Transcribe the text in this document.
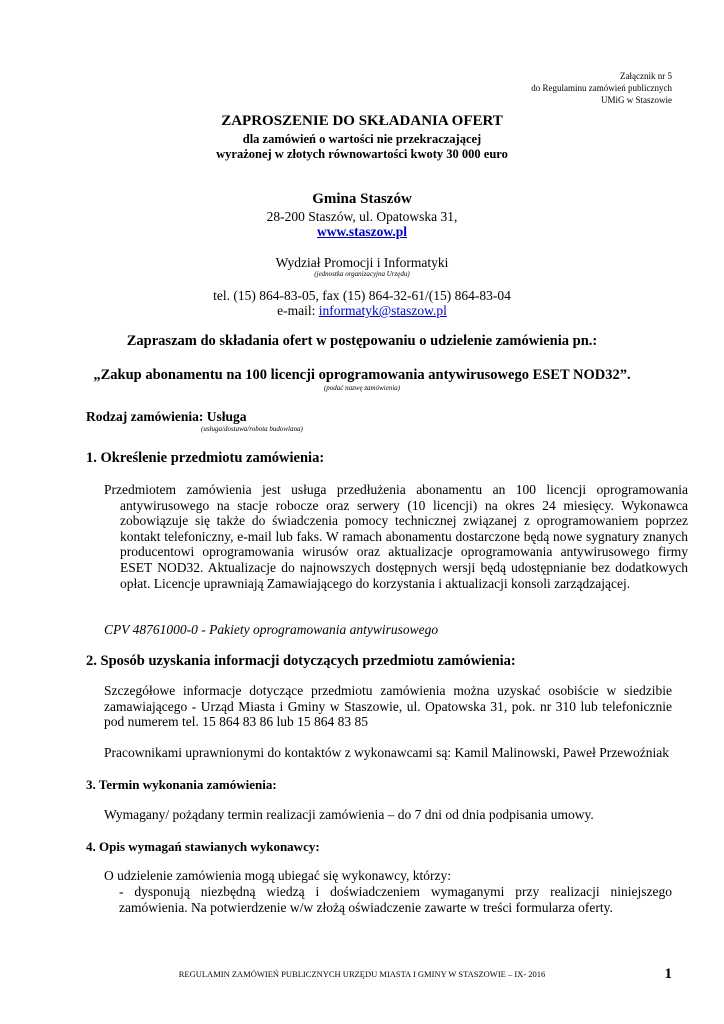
Załącznik nr 5
do Regulaminu zamówień publicznych
UMiG w Staszowie
ZAPROSZENIE DO SKŁADANIA OFERT
dla zamówień o wartości nie przekraczającej
wyrażonej w złotych równowartości kwoty 30 000 euro
Gmina Staszów
28-200 Staszów, ul. Opatowska 31,
www.staszow.pl
Wydział Promocji i Informatyki
(jednostka organizacyjna Urzędu)
tel. (15) 864-83-05, fax (15) 864-32-61/(15) 864-83-04
e-mail: informatyk@staszow.pl
Zapraszam do składania ofert w postępowaniu o udzielenie zamówienia pn.:
„Zakup abonamentu na 100 licencji oprogramowania antywirusowego ESET NOD32”.
(podać nazwę zamówienia)
Rodzaj zamówienia: Usługa
(usługa/dostawa/robota budowlana)
1. Określenie przedmiotu zamówienia:
Przedmiotem zamówienia jest usługa przedłużenia abonamentu an 100 licencji oprogramowania antywirusowego na stacje robocze oraz serwery (10 licencji) na okres 24 miesięcy. Wykonawca zobowiązuje się także do świadczenia pomocy technicznej związanej z oprogramowaniem poprzez kontakt telefoniczny, e-mail lub faks. W ramach abonamentu dostarczone będą nowe sygnatury znanych producentowi oprogramowania wirusów oraz aktualizacje oprogramowania antywirusowego firmy ESET NOD32. Aktualizacje do najnowszych dostępnych wersji będą udostępnianie bez dodatkowych opłat. Licencje uprawniają Zamawiającego do korzystania i aktualizacji konsoli zarządzającej.
CPV 48761000-0 - Pakiety oprogramowania antywirusowego
2. Sposób uzyskania informacji dotyczących przedmiotu zamówienia:
Szczegółowe informacje dotyczące przedmiotu zamówienia można uzyskać osobiście w siedzibie zamawiającego - Urząd Miasta i Gminy w Staszowie, ul. Opatowska 31, pok. nr 310 lub telefonicznie pod numerem tel. 15 864 83 86 lub 15 864 83 85
Pracownikami uprawnionymi do kontaktów z wykonawcami są: Kamil Malinowski, Paweł Przewoźniak
3. Termin wykonania zamówienia:
Wymagany/ pożądany termin realizacji zamówienia – do 7 dni od dnia podpisania umowy.
4. Opis wymagań stawianych wykonawcy:
O udzielenie zamówienia mogą ubiegać się wykonawcy, którzy:
- dysponują niezbędną wiedzą i doświadczeniem wymaganymi przy realizacji niniejszego zamówienia. Na potwierdzenie w/w złożą oświadczenie zawarte w treści formularza oferty.
REGULAMIN ZAMÓWIEŃ PUBLICZNYCH URZĘDU MIASTA I GMINY W STASZOWIE – IX- 2016	1
